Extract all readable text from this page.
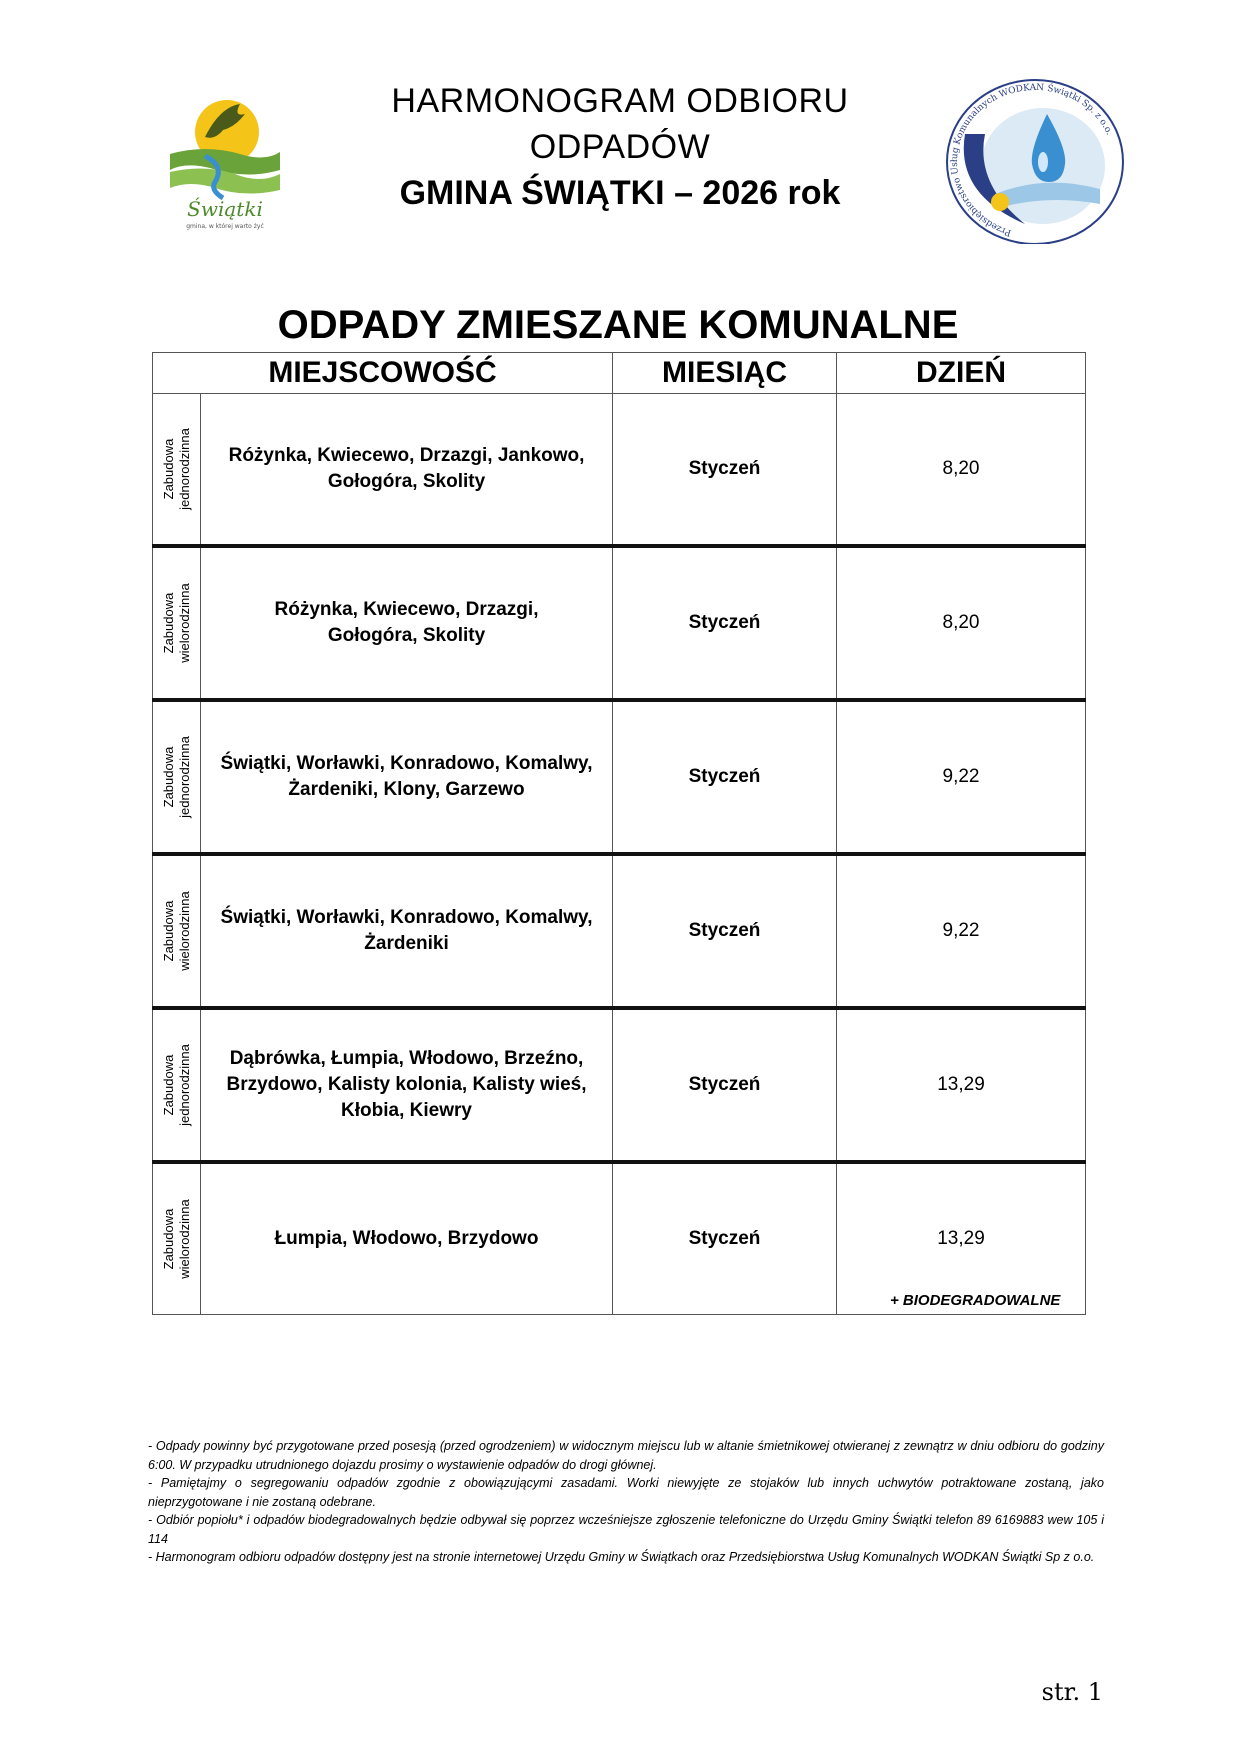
Świątki
gmina, w której warto żyć
HARMONOGRAM ODBIORU
ODPADÓW
GMINA ŚWIĄTKI – 2026 rok
Przedsiębiorstwo Usług Komunalnych WODKAN Świątki Sp. z o.o.
ODPADY ZMIESZANE KOMUNALNE
MIEJSCOWOŚĆ		MIESIĄC	DZIEŃ

Zabudowa
jednorodzinna	Różynka, Kwiecewo, Drzazgi, Jankowo,
Gołogóra, Skolity	Styczeń	8,20

Zabudowa
wielorodzinna	Różynka, Kwiecewo, Drzazgi,
Gołogóra, Skolity	Styczeń	8,20

Zabudowa
jednorodzinna	Świątki, Worławki, Konradowo, Komalwy,
Żardeniki, Klony, Garzewo	Styczeń	9,22

Zabudowa
wielorodzinna	Świątki, Worławki, Konradowo, Komalwy,
Żardeniki	Styczeń	9,22

Zabudowa
jednorodzinna	Dąbrówka, Łumpia, Włodowo, Brzeźno,
Brzydowo, Kalisty kolonia, Kalisty wieś,
Kłobia, Kiewry	Styczeń	13,29

Zabudowa
wielorodzinna	Łumpia, Włodowo, Brzydowo	Styczeń	13,29
+ BIODEGRADOWALNE

- Odpady powinny być przygotowane przed posesją (przed ogrodzeniem) w widocznym miejscu lub w altanie śmietnikowej otwieranej z zewnątrz w dniu odbioru do godziny 6:00. W przypadku utrudnionego dojazdu prosimy o wystawienie odpadów do drogi głównej.

- Pamiętajmy o segregowaniu odpadów zgodnie z obowiązującymi zasadami. Worki niewyjęte ze stojaków lub innych uchwytów potraktowane zostaną, jako nieprzygotowane i nie zostaną odebrane.

- Odbiór popiołu* i odpadów biodegradowalnych będzie odbywał się poprzez wcześniejsze zgłoszenie telefoniczne do Urzędu Gminy Świątki telefon 89 6169883 wew 105 i 114

- Harmonogram odbioru odpadów dostępny jest na stronie internetowej Urzędu Gminy w Świątkach oraz Przedsiębiorstwa Usług Komunalnych WODKAN Świątki Sp z o.o.

str. 1
